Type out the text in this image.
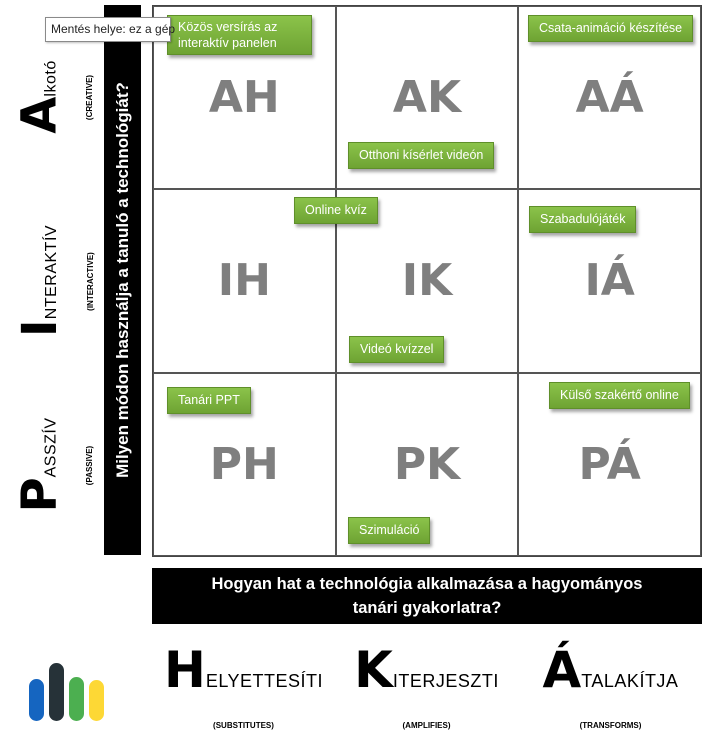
Mentés helye: ez a gép
AH	AK	AÁ
IH	IK	IÁ
PH	PK	PÁ
Közös versírás az
interaktív panelen
Csata-animáció készítése
Otthoni kísérlet videón
Online kvíz
Szabadulójáték
Videó kvízzel
Tanári PPT	Külső szakértő online
Szimuláció
Milyen módon használja a tanuló a technológiát?
Hogyan hat a technológia alkalmazása a hagyományos
tanári gyakorlatra?
A
lkotó
I
NTERAKTÍV
P
ASSZÍV
(CREATIVE)
(INTERACTIVE)
(PASSIVE)
HELYETTESÍTI KITERJESZTI ÁTALAKÍTJA
(SUBSTITUTES)	(AMPLIFIES)	(TRANSFORMS)
